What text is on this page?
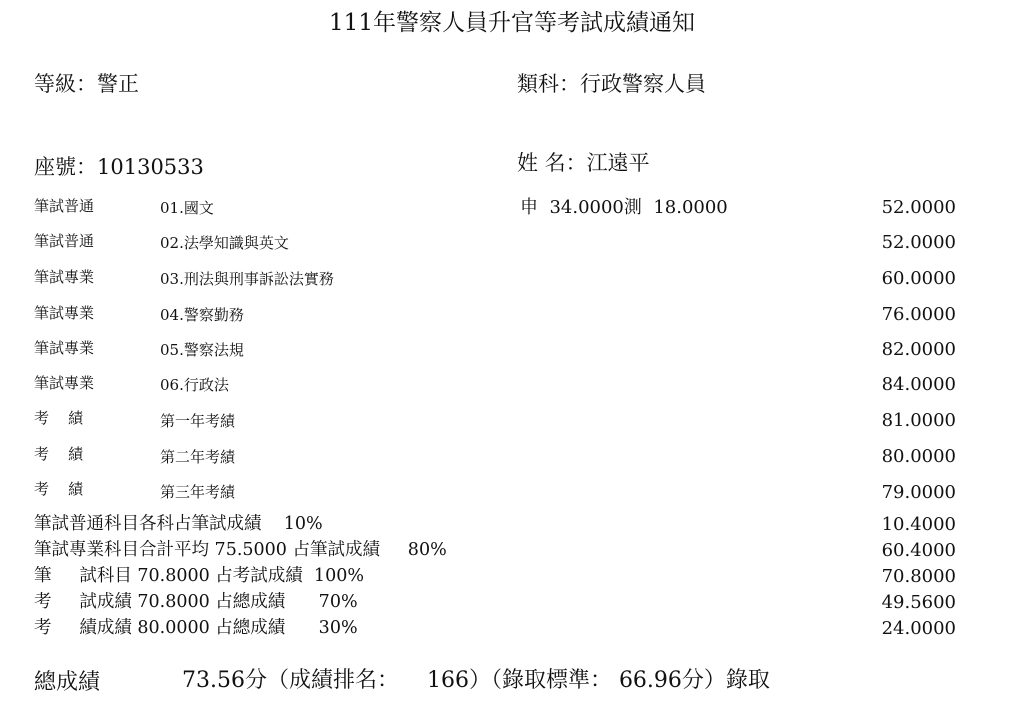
111年警察人員升官等考試成績通知
等級：警正	類科：行政警察人員
座號：10130533	姓 名：江遠平
筆試普通	01.國文	申  34.0000測  18.0000	52.0000
筆試普通	02.法學知識與英文	52.0000
筆試專業	03.刑法與刑事訴訟法實務	60.0000
筆試專業	04.警察勤務	76.0000
筆試專業	05.警察法規	82.0000
筆試專業	06.行政法	84.0000
考    績	第一年考績	81.0000
考    績	第二年考績	80.0000
考    績	第三年考績	79.0000
筆試普通科目各科占筆試成績    10%	10.4000
筆試專業科目合計平均 75.5000 占筆試成績     80%	60.4000
筆     試科目 70.8000 占考試成績  100%	70.8000
考     試成績 70.8000 占總成績      70%	49.5600
考     績成績 80.0000 占總成績      30%	24.0000
總成績	73.56分（成績排名：    166）（錄取標準： 66.96分）錄取
